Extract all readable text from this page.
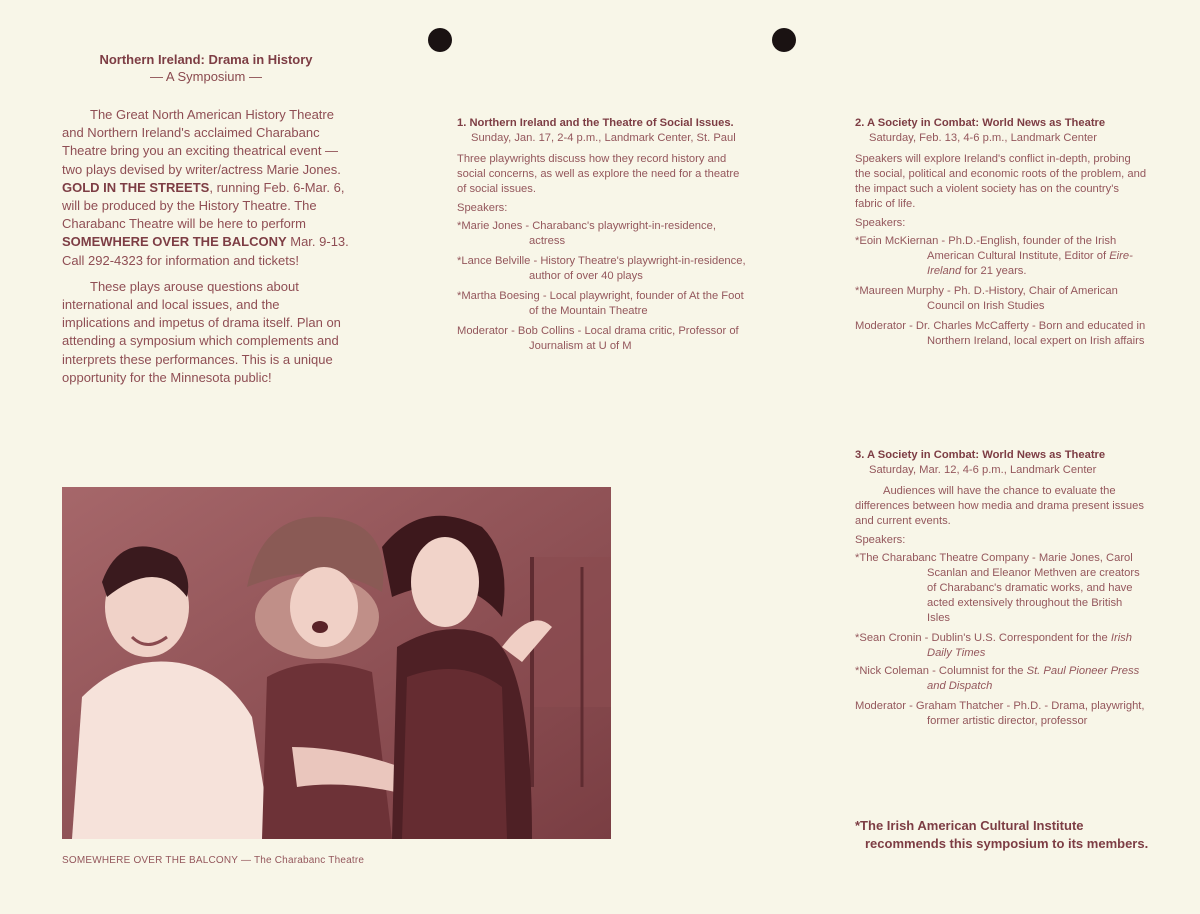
Northern Ireland: Drama in History
— A Symposium —
The Great North American History Theatre and Northern Ireland's acclaimed Charabanc Theatre bring you an exciting theatrical event — two plays devised by writer/actress Marie Jones. GOLD IN THE STREETS, running Feb. 6-Mar. 6, will be produced by the History Theatre. The Charabanc Theatre will be here to perform SOMEWHERE OVER THE BALCONY Mar. 9-13. Call 292-4323 for information and tickets!
These plays arouse questions about international and local issues, and the implications and impetus of drama itself. Plan on attending a symposium which complements and interprets these performances. This is a unique opportunity for the Minnesota public!
SOMEWHERE OVER THE BALCONY — The Charabanc Theatre
1. Northern Ireland and the Theatre of Social Issues. Sunday, Jan. 17, 2-4 p.m., Landmark Center, St. Paul
Three playwrights discuss how they record history and social concerns, as well as explore the need for a theatre of social issues.
Speakers:
*Marie Jones - Charabanc's playwright-in-residence, actress
*Lance Belville - History Theatre's playwright-in-residence, author of over 40 plays
*Martha Boesing - Local playwright, founder of At the Foot of the Mountain Theatre
Moderator - Bob Collins - Local drama critic, Professor of Journalism at U of M
2. A Society in Combat: World News as Theatre Saturday, Feb. 13, 4-6 p.m., Landmark Center
Speakers will explore Ireland's conflict in-depth, probing the social, political and economic roots of the problem, and the impact such a violent society has on the country's fabric of life.
Speakers:
*Eoin McKiernan - Ph.D.-English, founder of the Irish American Cultural Institute, Editor of Eire-Ireland for 21 years.
*Maureen Murphy - Ph. D.-History, Chair of American Council on Irish Studies
Moderator - Dr. Charles McCafferty - Born and educated in Northern Ireland, local expert on Irish affairs
3. A Society in Combat: World News as Theatre Saturday, Mar. 12, 4-6 p.m., Landmark Center
Audiences will have the chance to evaluate the differences between how media and drama present issues and current events.
Speakers:
*The Charabanc Theatre Company - Marie Jones, Carol Scanlan and Eleanor Methven are creators of Charabanc's dramatic works, and have acted extensively throughout the British Isles
*Sean Cronin - Dublin's U.S. Correspondent for the Irish Daily Times
*Nick Coleman - Columnist for the St. Paul Pioneer Press and Dispatch
Moderator - Graham Thatcher - Ph.D. - Drama, playwright, former artistic director, professor
*The Irish American Cultural Institute recommends this symposium to its members.
